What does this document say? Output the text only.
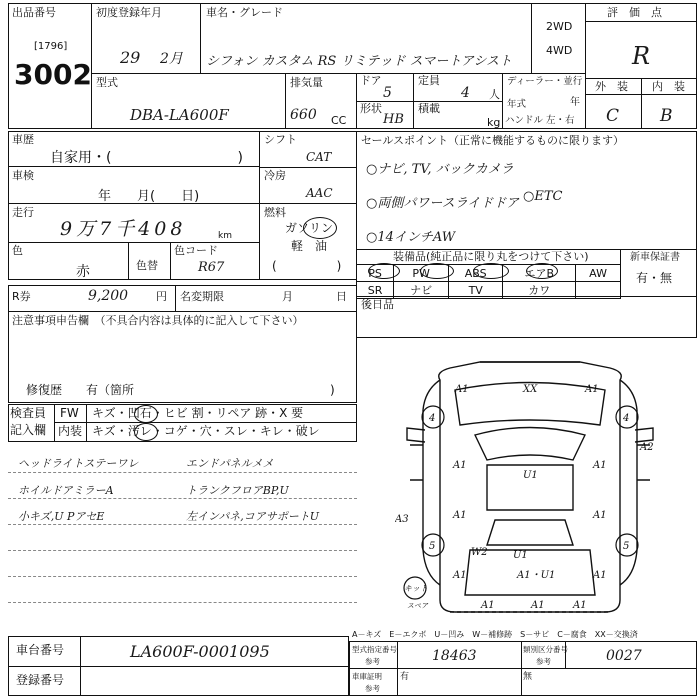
出品番号
[1796]
3002
初度登録年月
29 2月
車名・グレード
シフォン カスタム RS リミテッド スマートアシスト
2WD
4WD
評　価　点
R
型式
DBA-LA600F
排気量
660 CC
ドア
5
定員
4 人
形状
HB
積載
kg
ディーラー・並行
年式	年
ハンドル 左・右
外　装 内　装
C B
車歴
自家用・(　　　　　　　　　)
車検
年　　月(　　日)
走行
9万7千408	km
色
赤	色替
色コード
R67
シフト
CAT
冷房
AAC
燃料
ガソリン
軽　油
(　　　　　)
セールスポイント（正常に機能するものに限ります）
○ナビ, TV, バックカメラ
○両側パワースライドドア ○ETC
○14インチAW
装備品(純正品に限り丸をつけて下さい)	新車保証書
有・無
PS	PW	ABS	エアB	AW
SR	ナビ	TV	カワ	
R券	9,200	円 名変期限	月	日
後日品
注意事項申告欄　（不具合内容は具体的に記入して下さい）
修復歴　　有（箇所	)
検査員
記入欄
FW キズ・凹石・ヒビ 割・リペア 跡・X 要
内装 キズ・汚レ・コゲ・穴・スレ・キレ・破レ
ヘッドライトステーワレ	エンドパネルメメ
ホイルドアミラーA	トランクフロアBP,U
小キズ,U PアセE	左インパネ,コアサポートU
4	4
5	5
A1	XX	A1
A1
U1
A1
A1	A1
A1	A1
A1
A1・U1
A1	A1
A2
A3
W2	U1
キット
スペア
A－キズ　E－エクボ　U－凹み　W－補修跡　S－サビ　C－腐食　XX－交換済
車台番号	LA600F-0001095
登録番号
型式指定番号
参考	18463	類別区分番号
参考	0027
車庫証明
参考
有	無
